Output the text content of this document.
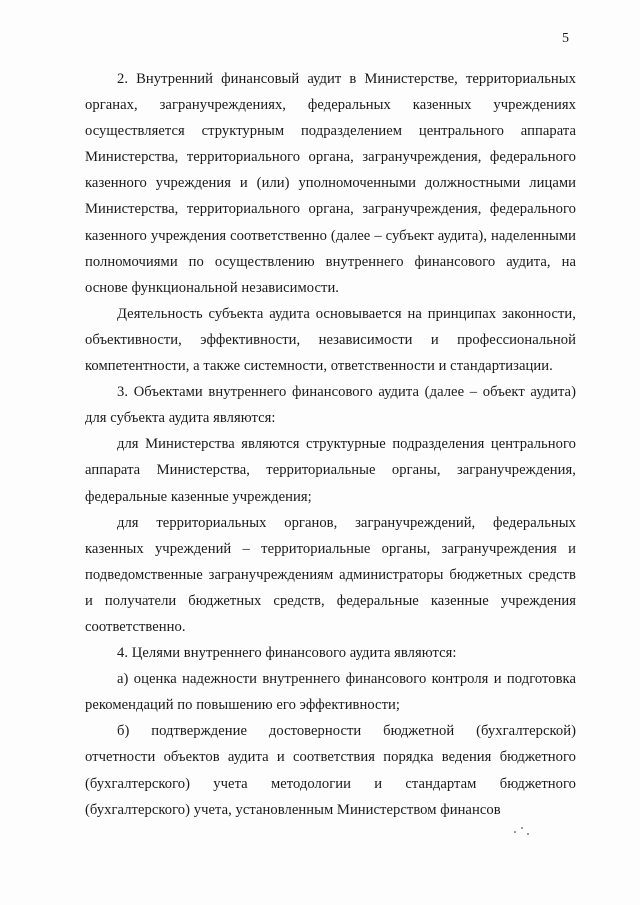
5

2. Внутренний финансовый аудит в Министерстве, территориальных органах, загранучреждениях, федеральных казенных учреждениях осуществляется структурным подразделением центрального аппарата Министерства, территориального органа, загранучреждения, федерального казенного учреждения и (или) уполномоченными должностными лицами Министерства, территориального органа, загранучреждения, федерального казенного учреждения соответственно (далее – субъект аудита), наделенными полномочиями по осуществлению внутреннего финансового аудита, на основе функциональной независимости.

Деятельность субъекта аудита основывается на принципах законности, объективности, эффективности, независимости и профессиональной компетентности, а также системности, ответственности и стандартизации.

3. Объектами внутреннего финансового аудита (далее – объект аудита) для субъекта аудита являются:

для Министерства являются структурные подразделения центрального аппарата Министерства, территориальные органы, загранучреждения, федеральные казенные учреждения;

для территориальных органов, загранучреждений, федеральных казенных учреждений – территориальные органы, загранучреждения и подведомственные загранучреждениям администраторы бюджетных средств и получатели бюджетных средств, федеральные казенные учреждения соответственно.

4. Целями внутреннего финансового аудита являются:

а) оценка надежности внутреннего финансового контроля и подготовка рекомендаций по повышению его эффективности;

б) подтверждение достоверности бюджетной (бухгалтерской) отчетности объектов аудита и соответствия порядка ведения бюджетного (бухгалтерского) учета методологии и стандартам бюджетного (бухгалтерского) учета, установленным Министерством финансов
